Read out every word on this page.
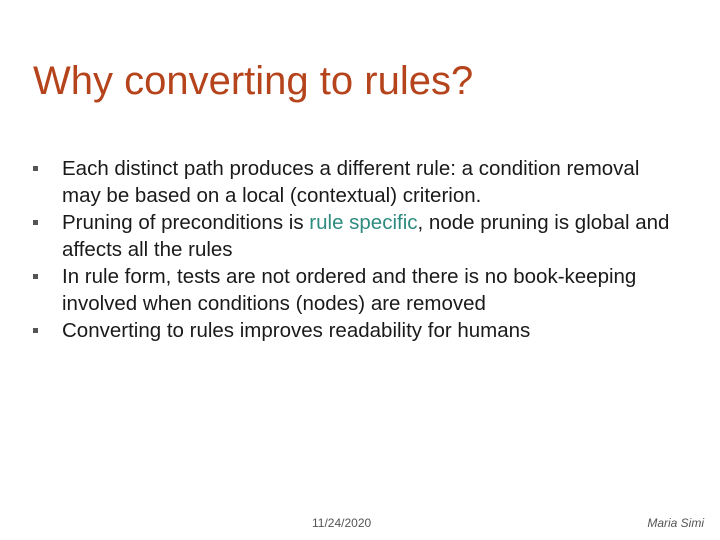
Why converting to rules?
Each distinct path produces a different rule: a condition removal may be based on a local (contextual) criterion.
Pruning of preconditions is rule specific, node pruning is global and affects all the rules
In rule form, tests are not ordered and there is no book-keeping involved when conditions (nodes) are removed
Converting to rules improves readability for humans
11/24/2020	Maria Simi
